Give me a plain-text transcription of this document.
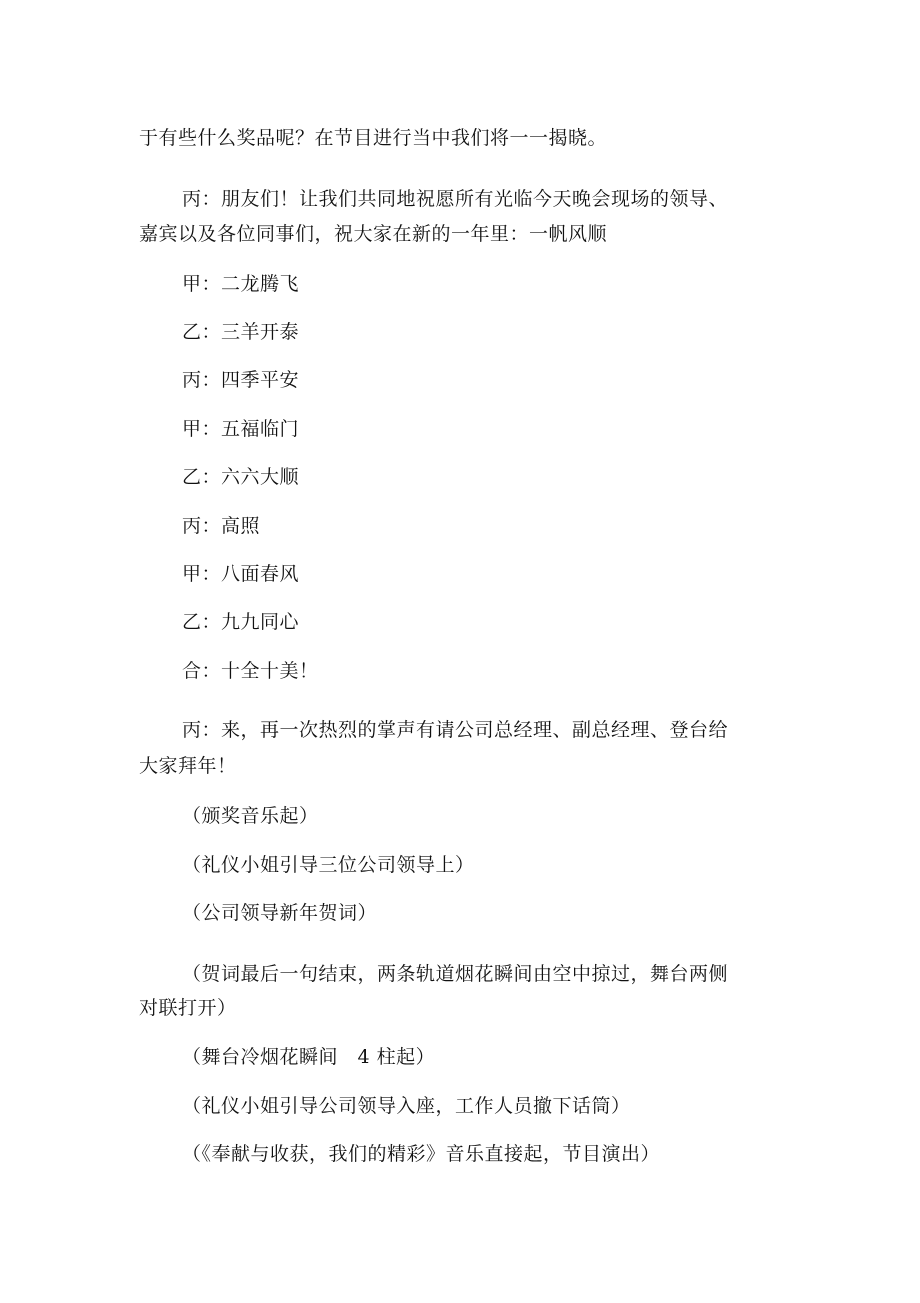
于有些什么奖品呢？在节目进行当中我们将一一揭晓。
丙：朋友们！让我们共同地祝愿所有光临今天晚会现场的领导、
嘉宾以及各位同事们，祝大家在新的一年里：一帆风顺
甲：二龙腾飞
乙：三羊开泰
丙：四季平安
甲：五福临门
乙：六六大顺
丙：高照
甲：八面春风
乙：九九同心
合：十全十美！
丙：来，再一次热烈的掌声有请公司总经理、副总经理、登台给
大家拜年！
（颁奖音乐起）
（礼仪小姐引导三位公司领导上）
（公司领导新年贺词）
（贺词最后一句结束，两条轨道烟花瞬间由空中掠过，舞台两侧
对联打开）
（舞台冷烟花瞬间　4 柱起）
（礼仪小姐引导公司领导入座，工作人员撤下话筒）
（《奉献与收获，我们的精彩》音乐直接起，节目演出）
